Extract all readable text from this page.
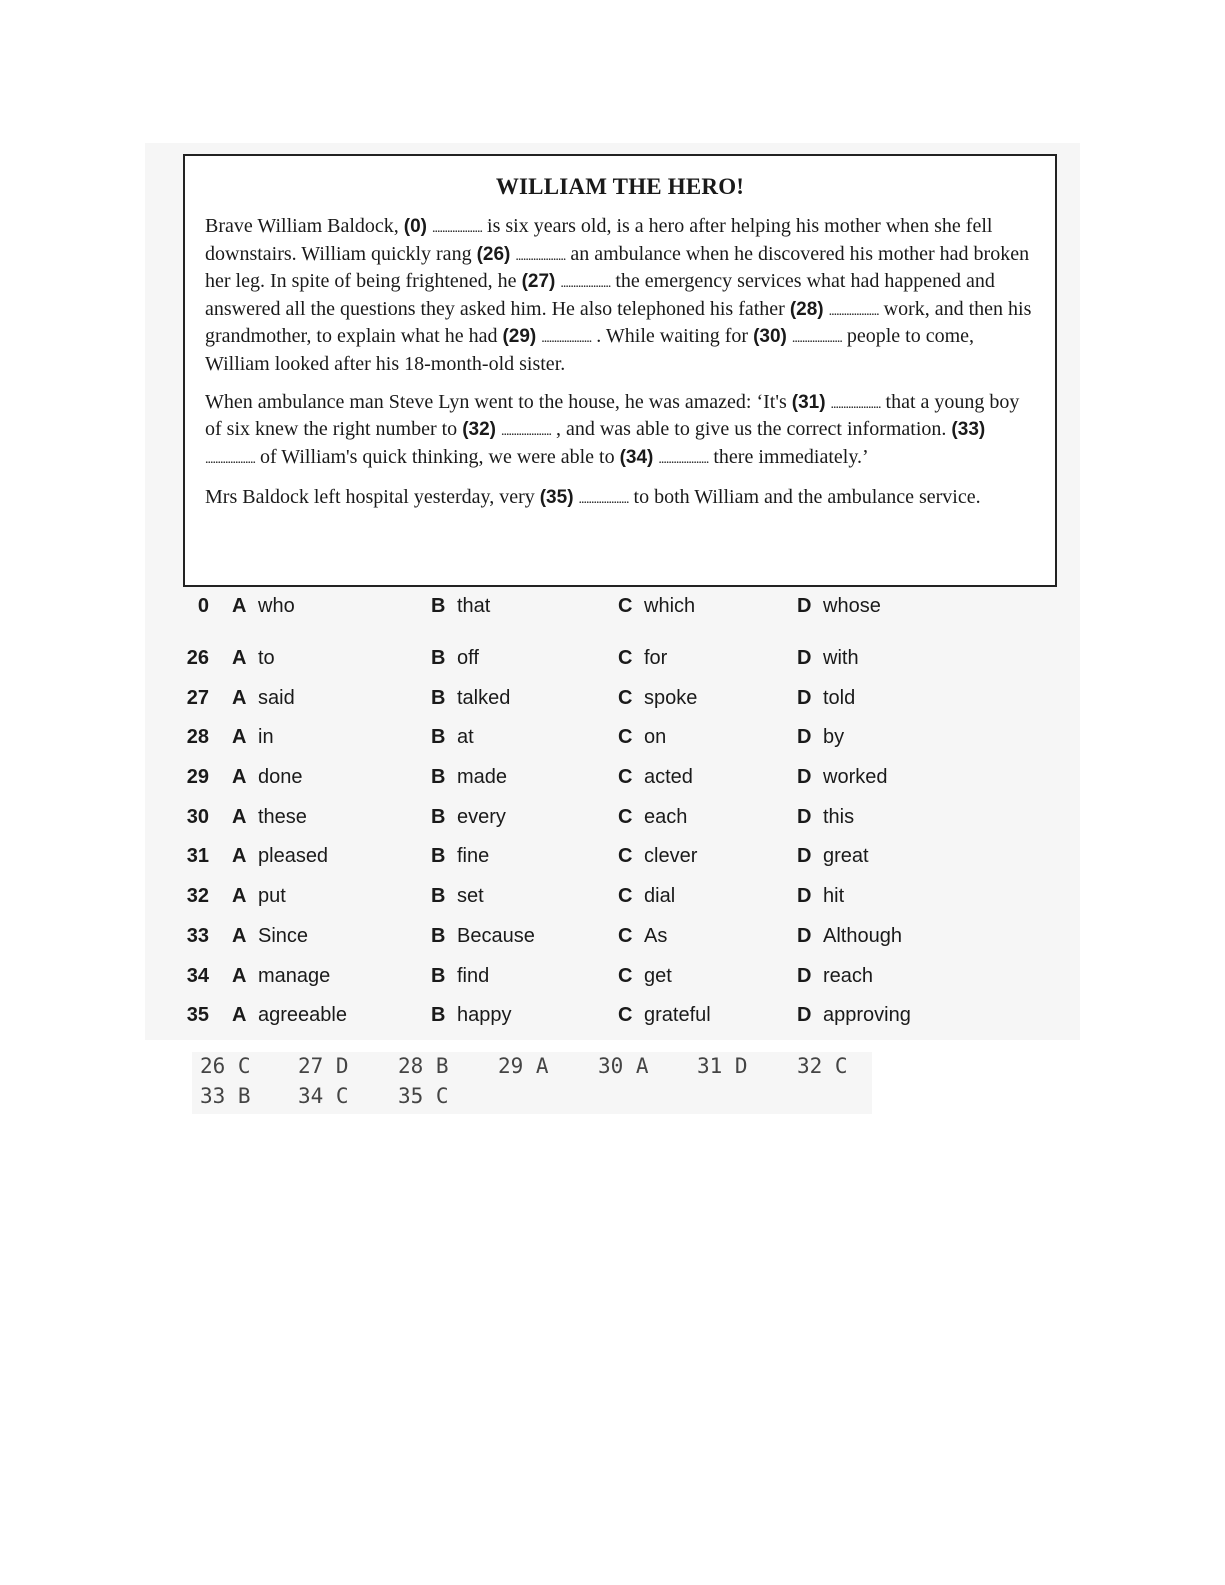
WILLIAM THE HERO!

Brave William Baldock, (0) .................... is six years old, is a hero after helping his mother when she fell downstairs. William quickly rang (26) .................... an ambulance when he discovered his mother had broken her leg. In spite of being frightened, he (27) .................... the emergency services what had happened and answered all the questions they asked him. He also telephoned his father (28) .................... work, and then his grandmother, to explain what he had (29) .................... . While waiting for (30) .................... people to come, William looked after his 18-month-old sister.

When ambulance man Steve Lyn went to the house, he was amazed: ‘It's (31) .................... that a young boy of six knew the right number to (32) .................... , and was able to give us the correct information. (33) .................... of William's quick thinking, we were able to (34) .................... there immediately.’

Mrs Baldock left hospital yesterday, very (35) .................... to both William and the ambulance service.

0 A who	B that	C which	D whose
26 A to	B off	C for	D with
27 A said	B talked	C spoke	D told
28 A in	B at	C on	D by
29 A done	B made	C acted	D worked
30 A these	B every	C each	D this
31 A pleased	B fine	C clever	D great
32 A put	B set	C dial	D hit
33 A Since	B Because	C As	D Although
34 A manage	B find	C get	D reach
35 A agreeable	B happy	C grateful	D approving
26 C 27 D 28 B 29 A 30 A 31 D 32 C
33 B 34 C 35 C
